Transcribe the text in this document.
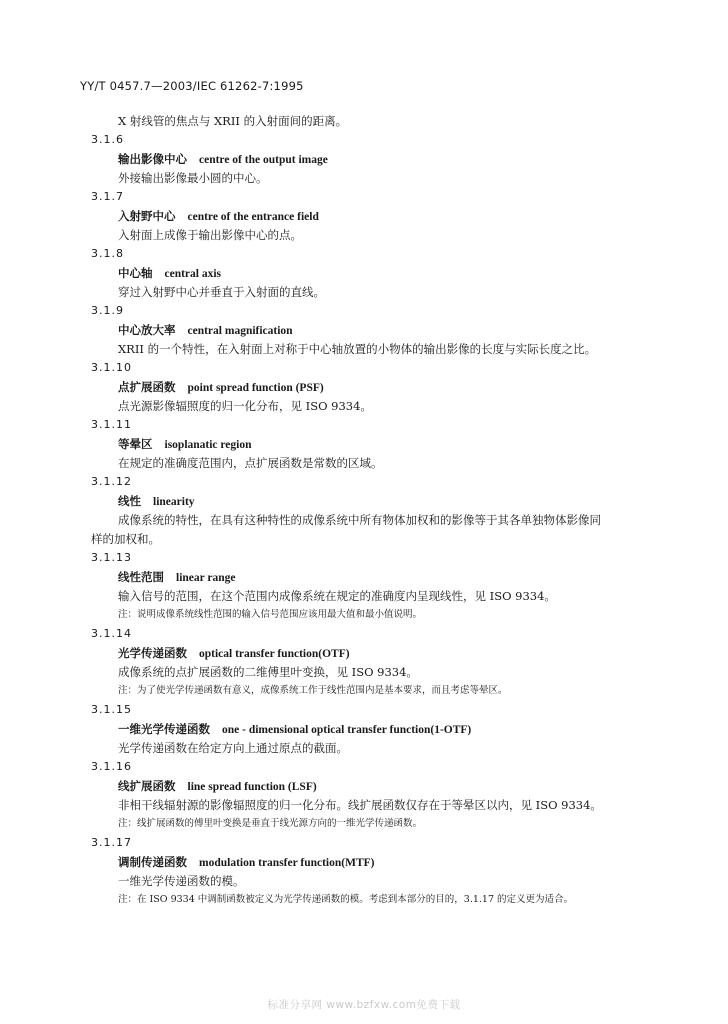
YY/T 0457.7—2003/IEC 61262-7:1995
X 射线管的焦点与 XRII 的入射面间的距离。
3.1.6
输出影像中心 centre of the output image
外接输出影像最小圆的中心。
3.1.7
入射野中心 centre of the entrance field
入射面上成像于输出影像中心的点。
3.1.8
中心轴 central axis
穿过入射野中心并垂直于入射面的直线。
3.1.9
中心放大率 central magnification
XRII 的一个特性，在入射面上对称于中心轴放置的小物体的输出影像的长度与实际长度之比。
3.1.10
点扩展函数 point spread function (PSF)
点光源影像辐照度的归一化分布，见 ISO 9334。
3.1.11
等晕区 isoplanatic region
在规定的准确度范围内，点扩展函数是常数的区域。
3.1.12
线性 linearity
成像系统的特性，在具有这种特性的成像系统中所有物体加权和的影像等于其各单独物体影像同
样的加权和。
3.1.13
线性范围 linear range
输入信号的范围，在这个范围内成像系统在规定的准确度内呈现线性，见 ISO 9334。
注：说明成像系统线性范围的输入信号范围应该用最大值和最小值说明。
3.1.14
光学传递函数 optical transfer function(OTF)
成像系统的点扩展函数的二维傅里叶变换，见 ISO 9334。
注：为了使光学传递函数有意义，成像系统工作于线性范围内是基本要求，而且考虑等晕区。
3.1.15
一维光学传递函数 one - dimensional optical transfer function(1-OTF)
光学传递函数在给定方向上通过原点的截面。
3.1.16
线扩展函数 line spread function (LSF)
非相干线辐射源的影像辐照度的归一化分布。线扩展函数仅存在于等晕区以内，见 ISO 9334。
注：线扩展函数的傅里叶变换是垂直于线光源方向的一维光学传递函数。
3.1.17
调制传递函数 modulation transfer function(MTF)
一维光学传递函数的模。
注：在 ISO 9334 中调制函数被定义为光学传递函数的模。考虑到本部分的目的，3.1.17 的定义更为适合。
标准分享网 www.bzfxw.com免费下载
